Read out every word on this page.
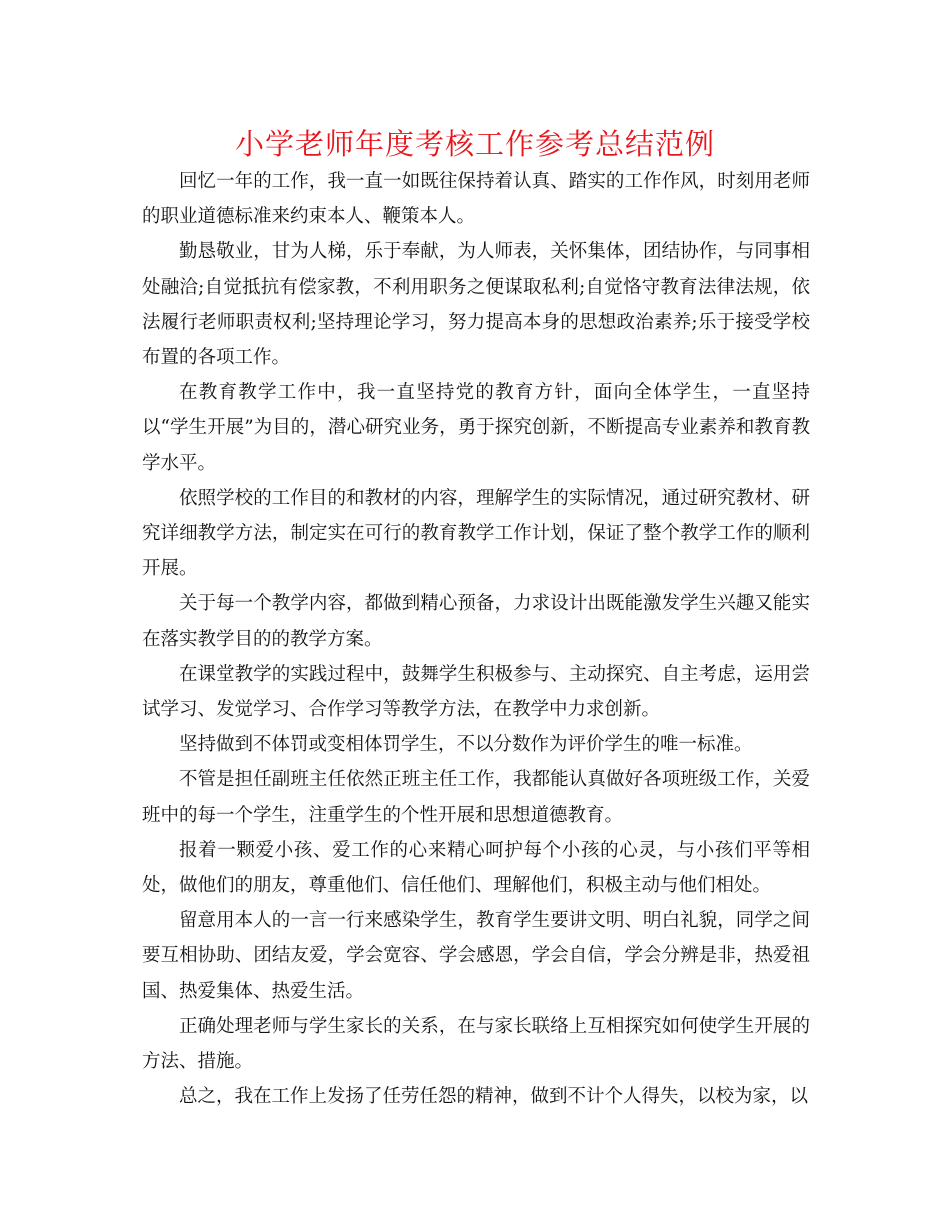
小学老师年度考核工作参考总结范例

回忆一年的工作，我一直一如既往保持着认真、踏实的工作作风，时刻用老师的职业道德标准来约束本人、鞭策本人。

勤恳敬业，甘为人梯，乐于奉献，为人师表，关怀集体，团结协作，与同事相处融洽;自觉抵抗有偿家教，不利用职务之便谋取私利;自觉恪守教育法律法规，依法履行老师职责权利;坚持理论学习，努力提高本身的思想政治素养;乐于接受学校布置的各项工作。

在教育教学工作中，我一直坚持党的教育方针，面向全体学生，一直坚持以“学生开展”为目的，潜心研究业务，勇于探究创新，不断提高专业素养和教育教学水平。

依照学校的工作目的和教材的内容，理解学生的实际情况，通过研究教材、研究详细教学方法，制定实在可行的教育教学工作计划，保证了整个教学工作的顺利开展。

关于每一个教学内容，都做到精心预备，力求设计出既能激发学生兴趣又能实在落实教学目的的教学方案。

在课堂教学的实践过程中，鼓舞学生积极参与、主动探究、自主考虑，运用尝试学习、发觉学习、合作学习等教学方法，在教学中力求创新。

坚持做到不体罚或变相体罚学生，不以分数作为评价学生的唯一标准。

不管是担任副班主任依然正班主任工作，我都能认真做好各项班级工作，关爱班中的每一个学生，注重学生的个性开展和思想道德教育。

报着一颗爱小孩、爱工作的心来精心呵护每个小孩的心灵，与小孩们平等相处，做他们的朋友，尊重他们、信任他们、理解他们，积极主动与他们相处。

留意用本人的一言一行来感染学生，教育学生要讲文明、明白礼貌，同学之间要互相协助、团结友爱，学会宽容、学会感恩，学会自信，学会分辨是非，热爱祖国、热爱集体、热爱生活。

正确处理老师与学生家长的关系，在与家长联络上互相探究如何使学生开展的方法、措施。

总之，我在工作上发扬了任劳任怨的精神，做到不计个人得失，以校为家，以
